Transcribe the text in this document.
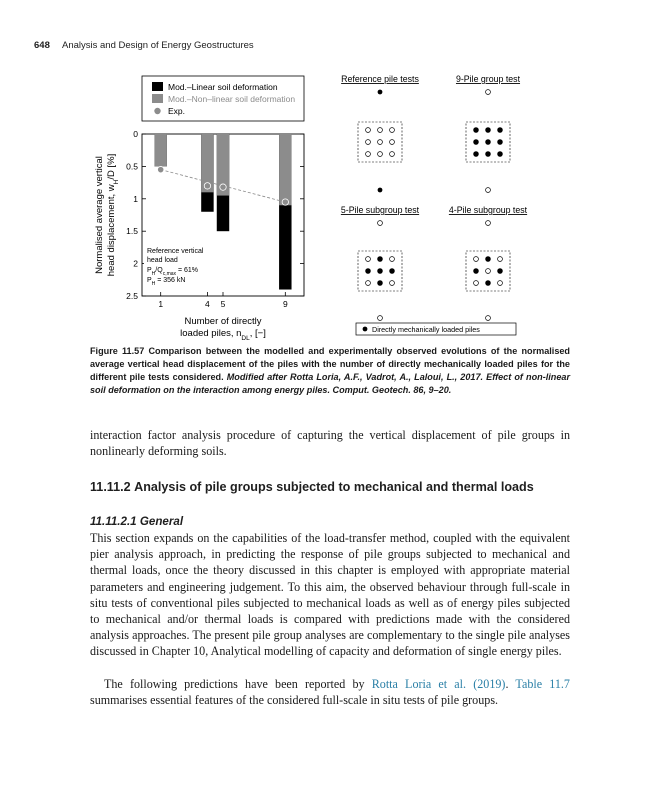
648 Analysis and Design of Energy Geostructures
Mod.–Linear soil deformation
Mod.–Non–linear soil deformation
Exp.
0
0.5
1
1.5
2
2.5
1	4 5	9
Normalised average vertical head displacement, $w_H/D$ [%]
Number of directly
loaded piles, $n_{DL}$, [−]
Reference vertical
head load
$P_H/Q_{c,max} = 61\%$
$P_H = 356$ kN
Reference pile tests	9-Pile group test
5-Pile subgroup test	4-Pile subgroup test
Directly mechanically loaded piles
Figure 11.57 Comparison between the modelled and experimentally observed evolutions of the normalised average vertical head displacement of the piles with the number of directly mechanically loaded piles for the different pile tests considered. Modified after Rotta Loria, A.F., Vadrot, A., Laloui, L., 2017. Effect of non-linear soil deformation on the interaction among energy piles. Comput. Geotech. 86, 9–20.

interaction factor analysis procedure of capturing the vertical displacement of pile groups in nonlinearly deforming soils.

11.11.2 Analysis of pile groups subjected to mechanical and thermal loads
11.11.2.1 General

This section expands on the capabilities of the load-transfer method, coupled with the equivalent pier analysis approach, in predicting the response of pile groups subjected to mechanical and thermal loads, once the theory discussed in this chapter is employed with appropriate material parameters and engineering judgement. To this aim, the observed behaviour through full-scale in situ tests of conventional piles subjected to mechanical loads as well as of energy piles subjected to mechanical and/or thermal loads is compared with predictions made with the considered analysis approaches. The present pile group analyses are complementary to the single pile analyses discussed in Chapter 10, Analytical modelling of capacity and deformation of single energy piles.

The following predictions have been reported by Rotta Loria et al. (2019). Table 11.7 summarises essential features of the considered full-scale in situ tests of pile groups.
